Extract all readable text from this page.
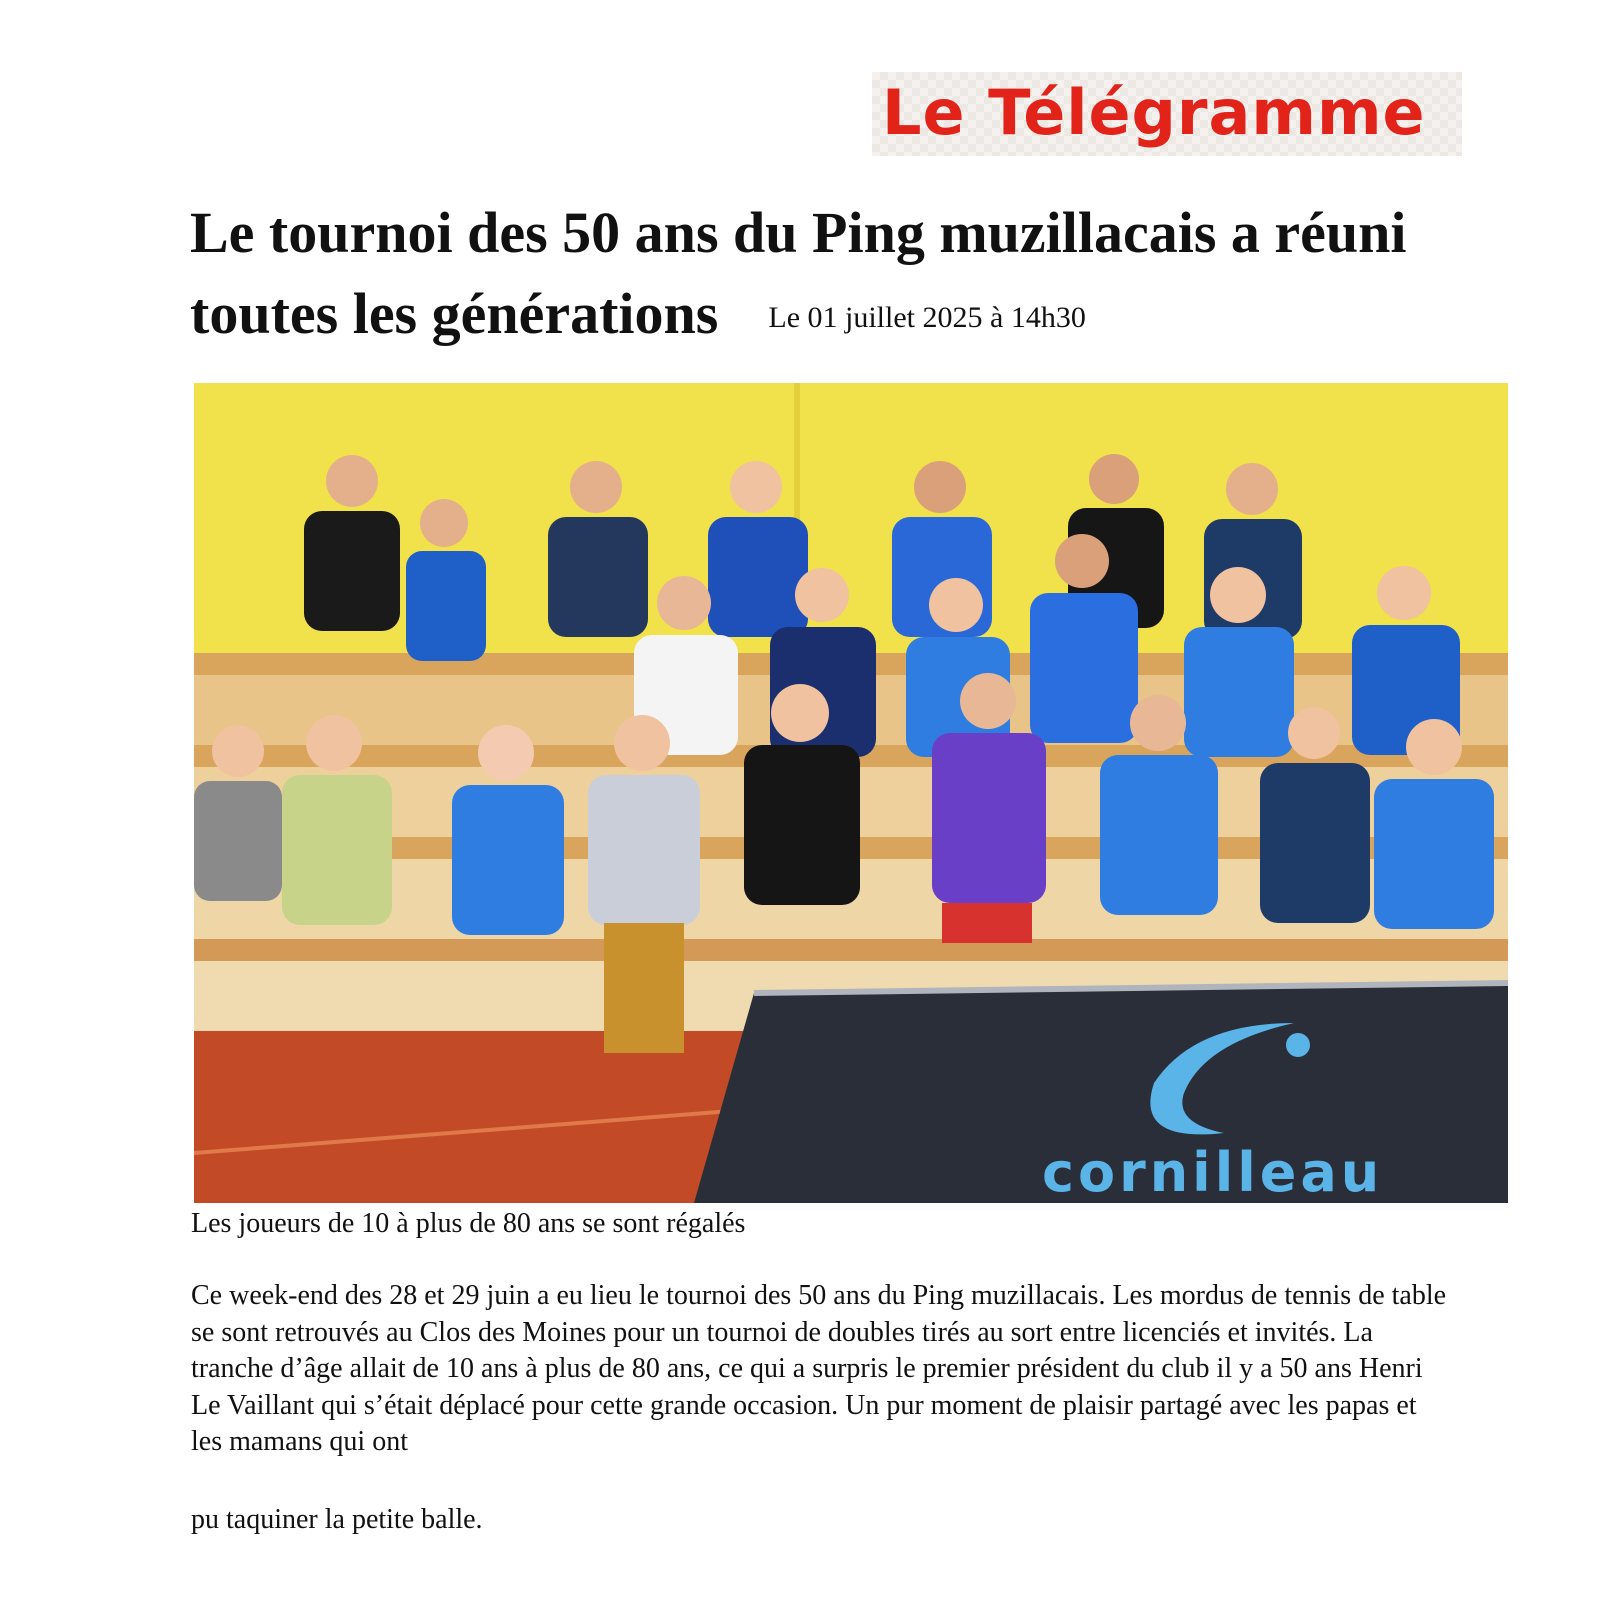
Le Télégramme
Le tournoi des 50 ans du Ping muzillacais a réuni toutes les générations Le 01 juillet 2025 à 14h30
cornilleau
Les joueurs de 10 à plus de 80 ans se sont régalés

Ce week-end des 28 et 29 juin a eu lieu le tournoi des 50 ans du Ping muzillacais. Les mordus de tennis de table se sont retrouvés au Clos des Moines pour un tournoi de doubles tirés au sort entre licenciés et invités. La tranche d’âge allait de 10 ans à plus de 80 ans, ce qui a surpris le premier président du club il y a 50 ans Henri Le Vaillant qui s’était déplacé pour cette grande occasion. Un pur moment de plaisir partagé avec les papas et les mamans qui ont

pu taquiner la petite balle.
